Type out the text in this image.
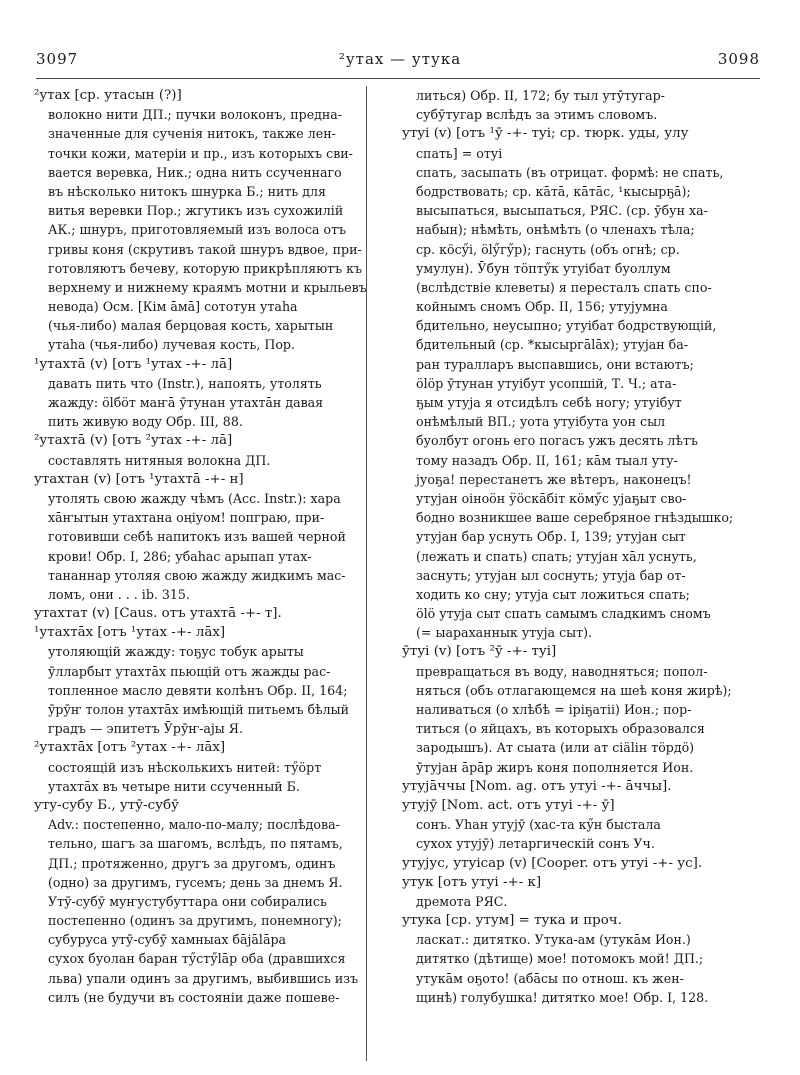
3097	²утах — утука	3098
²утах [ср. утасын (?)]
волокно нити ДП.; пучки волоконъ, предна-
значенные для сученія нитокъ, также лен-
точки кожи, матеріи и пр., изъ которыхъ сви-
вается веревка, Ник.; одна нить ссученнаго
въ нѣсколько нитокъ шнурка Б.; нить для
витья веревки Пор.; жгутикъ изъ сухожилій
АК.; шнуръ, приготовляемый изъ волоса отъ
гривы коня (скрутивъ такой шнуръ вдвое, при-
готовляютъ бечеву, которую прикрѣпляютъ къ
верхнему и нижнему краямъ мотни и крыльевъ
невода) Осм. [Кім āмā] сототун утаһа
(чья-либо) малая берцовая кость, харытын
утаһа (чья-либо) лучевая кость, Пор.
¹утахтā (v) [отъ ¹утах -+- лā]
давать пить что (Instr.), напоять, утолять
жажду: ӧlбӧт маҥā ӯтунан утахтāн давая
пить живую воду Обр. III, 88.
²утахтā (v) [отъ ²утах -+- лā]
составлять нитяныя волокна ДП.
утахтан (v) [отъ ¹утахтā -+- н]
утолять свою жажду чѣмъ (Acc. Instr.): хара
хāҥытын утахтана оңіуом! попграю, при-
готовивши себѣ напитокъ изъ вашей черной
крови! Обр. I, 286; убаһас арыпап утах-
тананнар утоляя свою жажду жидкимъ мас-
ломъ, они . . . ib. 315.
утахтат (v) [Caus. отъ утахтā -+- т].
¹утахтāх [отъ ¹утах -+- лāх]
утоляющій жажду: тоҕус тобук арыты
ӯлларбыт утахтāх пьющій отъ жажды рас-
топленное масло девяти колѣнъ Обр. II, 164;
ӯрӯҥ толон утахтāх имѣющій питьемъ бѣлый
градъ — эпитетъ Ӯрӯҥ-аjы Я.
²утахтāх [отъ ²утах -+- лāх]
состоящій изъ нѣсколькихъ нитей: тӳӧрт
утахтāх въ четыре нити ссученный Б.
уту-субу Б., утӯ-субӯ
Adv.: постепенно, мало-по-малу; послѣдова-
тельно, шагъ за шагомъ, вслѣдъ, по пятамъ,
ДП.; протяженно, другъ за другомъ, одинъ
(одно) за другимъ, гусемъ; день за днемъ Я.
Утӯ-субӯ муҥустубуттара они собирались
постепенно (одинъ за другимъ, понемногу);
субуруса утӯ-субӯ хамныах бājālāра
сухох буолан баран тӳстӳlāр оба (дравшихся
льва) упали одинъ за другимъ, выбившись изъ
силъ (не будучи въ состояніи даже пошеве-
литься) Обр. II, 172; бу тыл утӯтугар-
субӯтугар вслѣдъ за этимъ словомъ.
утуі (v) [отъ ¹ӯ -+- туі; ср. тюрк. уды, улу
спать] = отуі
спать, засыпать (въ отрицат. формѣ: не спать,
бодрствовать; ср. кāтā, кāтāс, ¹кысырҕā);
высыпаться, высыпаться, РЯС. (ср. ӯбун ха-
набын); нѣмѣть, онѣмѣть (о членахъ тѣла;
ср. кӧсӳі, ӧlӳгӳр); гаснуть (объ огнѣ; ср.
умулун). Ӯбун тӧптӳк утуібат буоллум
(вслѣдствіе клеветы) я пересталъ спать спо-
койнымъ сномъ Обр. II, 156; утуjумна
бдительно, неусыпно; утуібат бодрствующій,
бдительный (ср. *кысыргālāх); утуjан ба-
ран туралларъ выспавшись, они встаютъ;
ӧlӧр ӯтунан утуібут усопшій, Т. Ч.; ата-
ҕым утуjа я отсидѣлъ себѣ ногу; утуібут
онѣмѣлый ВП.; уота утуібута уон сыл
буолбут огонь его погасъ ужъ десять лѣтъ
тому назадъ Обр. II, 161; кāм тыал уту-
jуоҕа! перестанетъ же вѣтеръ, наконецъ!
утуjан оіноӧн ӱӧскāбіт кӧмӳс уjаҕыт сво-
бодно возникшее ваше серебряное гнѣздышко;
утуjан бар уснуть Обр. I, 139; утуjан сыт
(лежать и спать) спать; утуjан хāл уснуть,
заснуть; утуjан ыл соснуть; утуjа бар от-
ходить ко сну; утуjа сыт ложиться спать;
ӧlӧ утуjа сыт спать самымъ сладкимъ сномъ
(= ыараханнык утуjа сыт).
ӯтуі (v) [отъ ²ӯ -+- туі]
превращаться въ воду, наводняться; попол-
няться (объ отлагающемся на шеѣ коня жирѣ);
наливаться (о хлѣбѣ = іріҕатіі) Ион.; пор-
титься (о яйцахъ, въ которыхъ образовался
зародышъ). Ат сыата (или ат сіälін тӧрдӧ)
ӯтуjан āрāр жиръ коня пополняется Ион.
утуjāччы [Nom. ag. отъ утуі -+- āччы].
утуjӯ [Nom. act. отъ утуі -+- ӯ]
сонъ. Уһан утуjӯ (хас-та кӳн быстала
сухох утуjӯ) летаргическій сонъ Уч.
утуjус, утуісар (v) [Cooper. отъ утуі -+- ус].
утук [отъ утуі -+- к]
дремота РЯС.
утука [ср. утум] = тука и проч.
ласкат.: дитятко. Утука-ам (утукāм Ион.)
дитятко (дѣтище) мое! потомокъ мой! ДП.;
утукāм оҕото! (абāсы по отнош. къ жен-
щинѣ) голубушка! дитятко мое! Обр. I, 128.
